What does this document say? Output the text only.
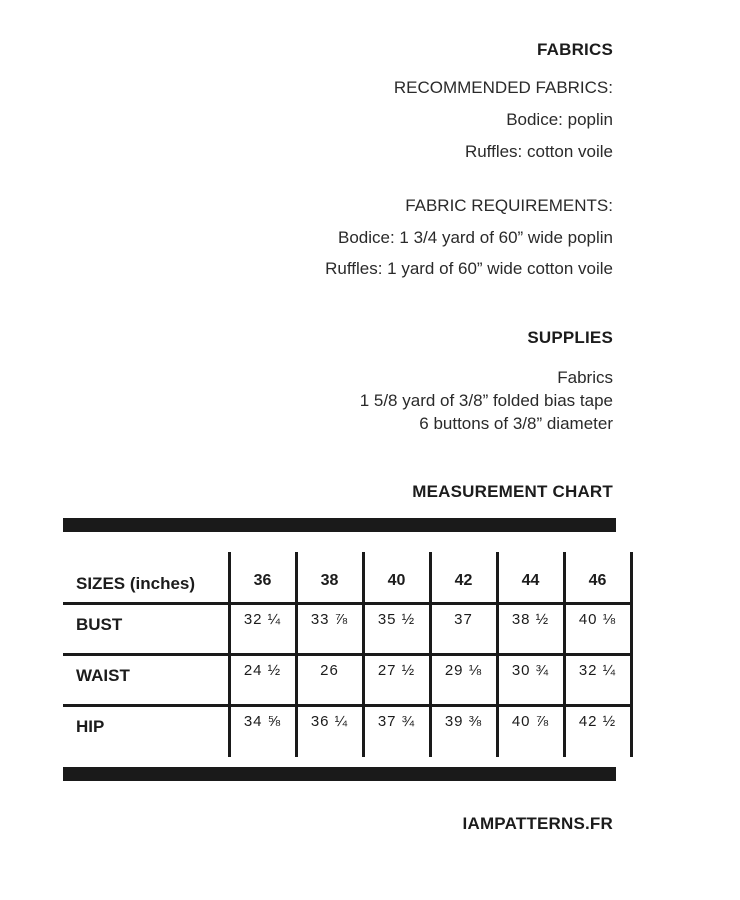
FABRICS
RECOMMENDED FABRICS:
Bodice: poplin
Ruffles: cotton voile
FABRIC REQUIREMENTS:
Bodice: 1 3/4 yard of 60” wide poplin
Ruffles: 1 yard of 60” wide cotton voile
SUPPLIES
Fabrics
1 5/8 yard of 3/8” folded bias tape
6 buttons of 3/8” diameter
MEASUREMENT CHART
SIZES (inches)	36	38	40	42	44	46
BUST	32 ¼	33 ⅞	35 ½	37	38 ½	40 ⅛
WAIST	24 ½	26	27 ½	29 ⅛	30 ¾	32 ¼
HIP	34 ⅝	36 ¼	37 ¾	39 ⅜	40 ⅞	42 ½
IAMPATTERNS.FR
